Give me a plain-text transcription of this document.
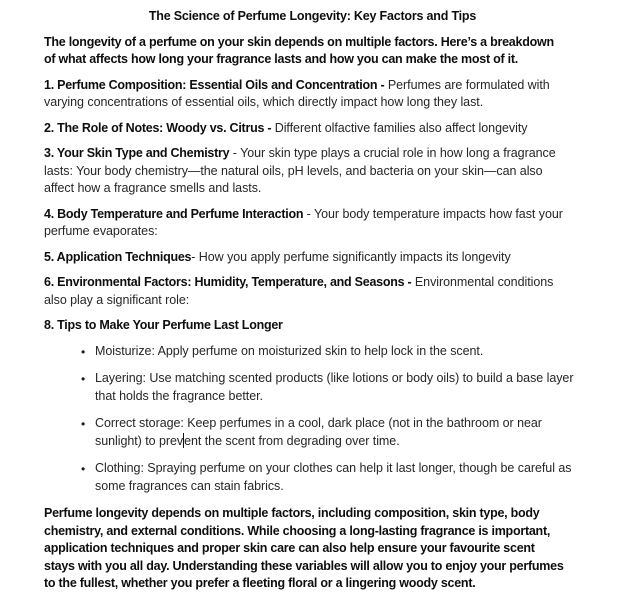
The Science of Perfume Longevity: Key Factors and Tips
The longevity of a perfume on your skin depends on multiple factors. Here’s a breakdown
of what affects how long your fragrance lasts and how you can make the most of it.
1. Perfume Composition: Essential Oils and Concentration - Perfumes are formulated with
varying concentrations of essential oils, which directly impact how long they last.
2. The Role of Notes: Woody vs. Citrus - Different olfactive families also affect longevity
3. Your Skin Type and Chemistry - Your skin type plays a crucial role in how long a fragrance
lasts: Your body chemistry—the natural oils, pH levels, and bacteria on your skin—can also
affect how a fragrance smells and lasts.
4. Body Temperature and Perfume Interaction - Your body temperature impacts how fast your
perfume evaporates:
5. Application Techniques- How you apply perfume significantly impacts its longevity
6. Environmental Factors: Humidity, Temperature, and Seasons - Environmental conditions
also play a significant role:
8. Tips to Make Your Perfume Last Longer
• Moisturize: Apply perfume on moisturized skin to help lock in the scent.
• Layering: Use matching scented products (like lotions or body oils) to build a base layer
that holds the fragrance better.
• Correct storage: Keep perfumes in a cool, dark place (not in the bathroom or near
sunlight) to prevent the scent from degrading over time.
• Clothing: Spraying perfume on your clothes can help it last longer, though be careful as
some fragrances can stain fabrics.
Perfume longevity depends on multiple factors, including composition, skin type, body
chemistry, and external conditions. While choosing a long-lasting fragrance is important,
application techniques and proper skin care can also help ensure your favourite scent
stays with you all day. Understanding these variables will allow you to enjoy your perfumes
to the fullest, whether you prefer a fleeting floral or a lingering woody scent.
